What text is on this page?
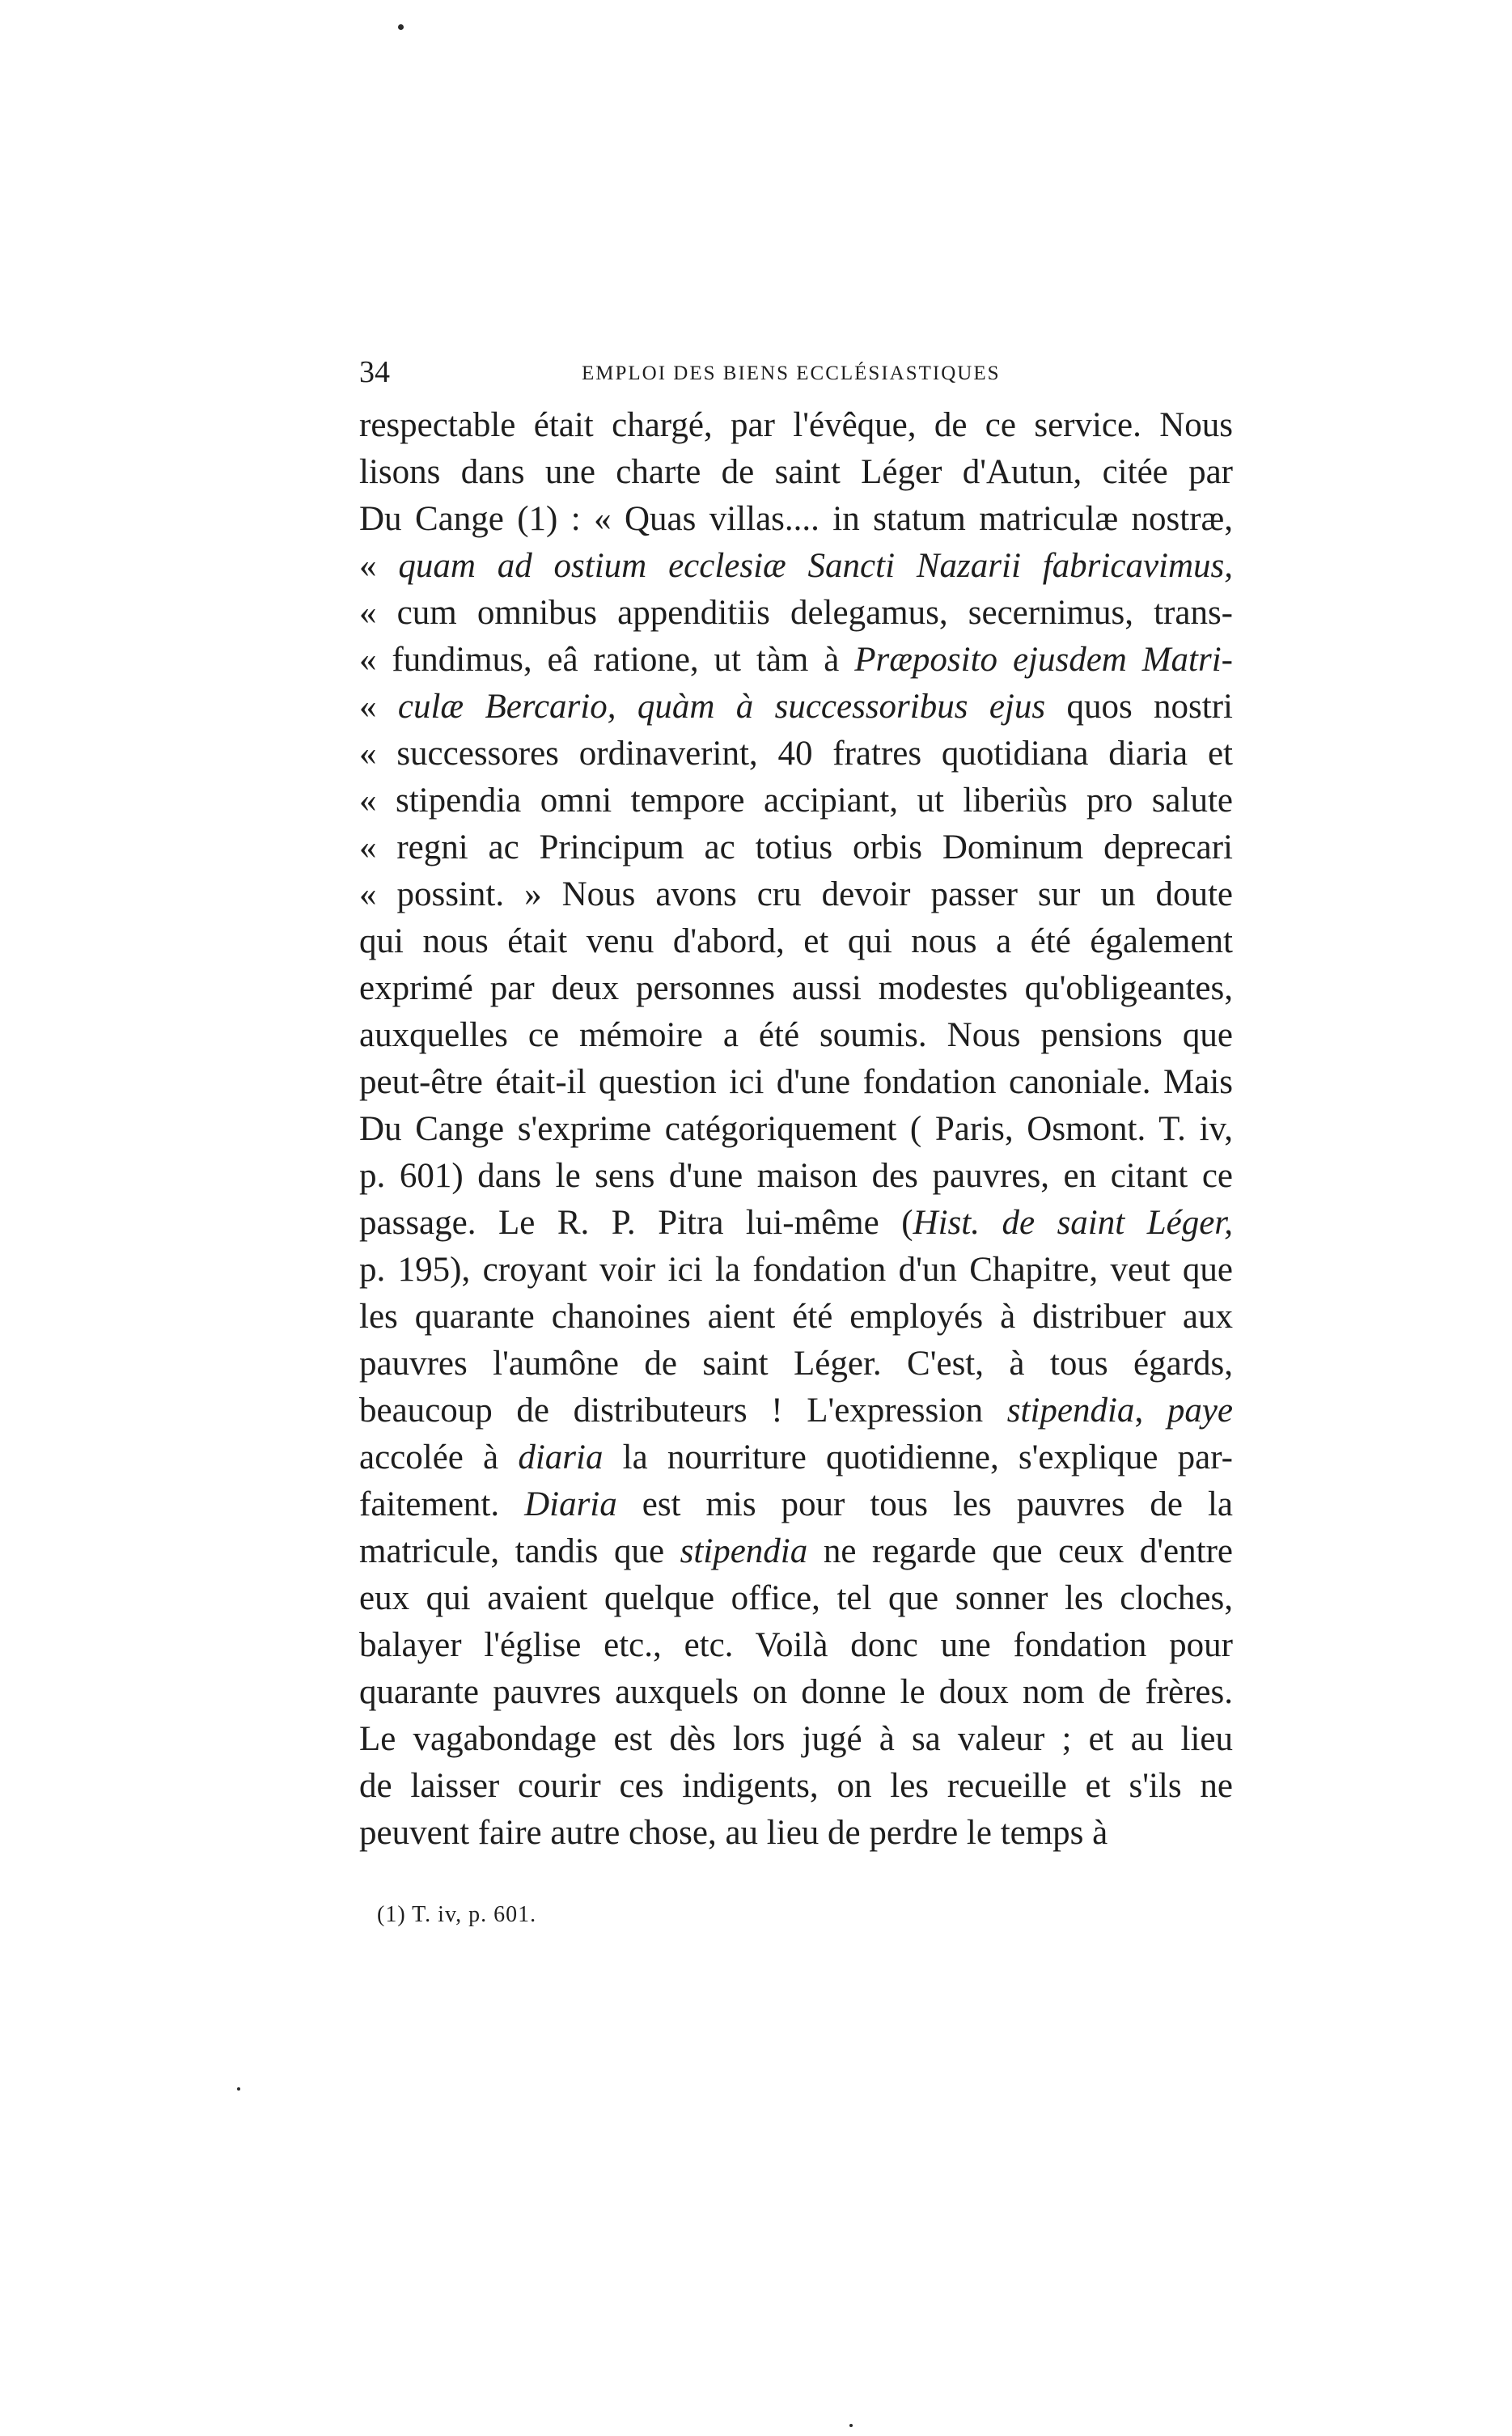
34	EMPLOI DES BIENS ECCLÉSIASTIQUES
respectable était chargé, par l'évêque, de ce service. Nous
lisons dans une charte de saint Léger d'Autun, citée par
Du Cange (1) : « Quas villas.... in statum matriculæ nostræ,
« quam ad ostium ecclesiæ Sancti Nazarii fabricavimus,
« cum omnibus appenditiis delegamus, secernimus, trans-
« fundimus, eâ ratione, ut tàm à Præposito ejusdem Matri-
« culæ Bercario, quàm à successoribus ejus quos nostri
« successores ordinaverint, 40 fratres quotidiana diaria et
« stipendia omni tempore accipiant, ut liberiùs pro salute
« regni ac Principum ac totius orbis Dominum deprecari
« possint. » Nous avons cru devoir passer sur un doute
qui nous était venu d'abord, et qui nous a été également
exprimé par deux personnes aussi modestes qu'obligeantes,
auxquelles ce mémoire a été soumis. Nous pensions que
peut-être était-il question ici d'une fondation canoniale. Mais
Du Cange s'exprime catégoriquement ( Paris, Osmont. T. iv,
p. 601) dans le sens d'une maison des pauvres, en citant ce
passage. Le R. P. Pitra lui-même (Hist. de saint Léger,
p. 195), croyant voir ici la fondation d'un Chapitre, veut que
les quarante chanoines aient été employés à distribuer aux
pauvres l'aumône de saint Léger. C'est, à tous égards,
beaucoup de distributeurs ! L'expression stipendia, paye
accolée à diaria la nourriture quotidienne, s'explique par-
faitement. Diaria est mis pour tous les pauvres de la
matricule, tandis que stipendia ne regarde que ceux d'entre
eux qui avaient quelque office, tel que sonner les cloches,
balayer l'église etc., etc. Voilà donc une fondation pour
quarante pauvres auxquels on donne le doux nom de frères.
Le vagabondage est dès lors jugé à sa valeur ; et au lieu
de laisser courir ces indigents, on les recueille et s'ils ne
peuvent faire autre chose, au lieu de perdre le temps à
(1) T. iv, p. 601.
